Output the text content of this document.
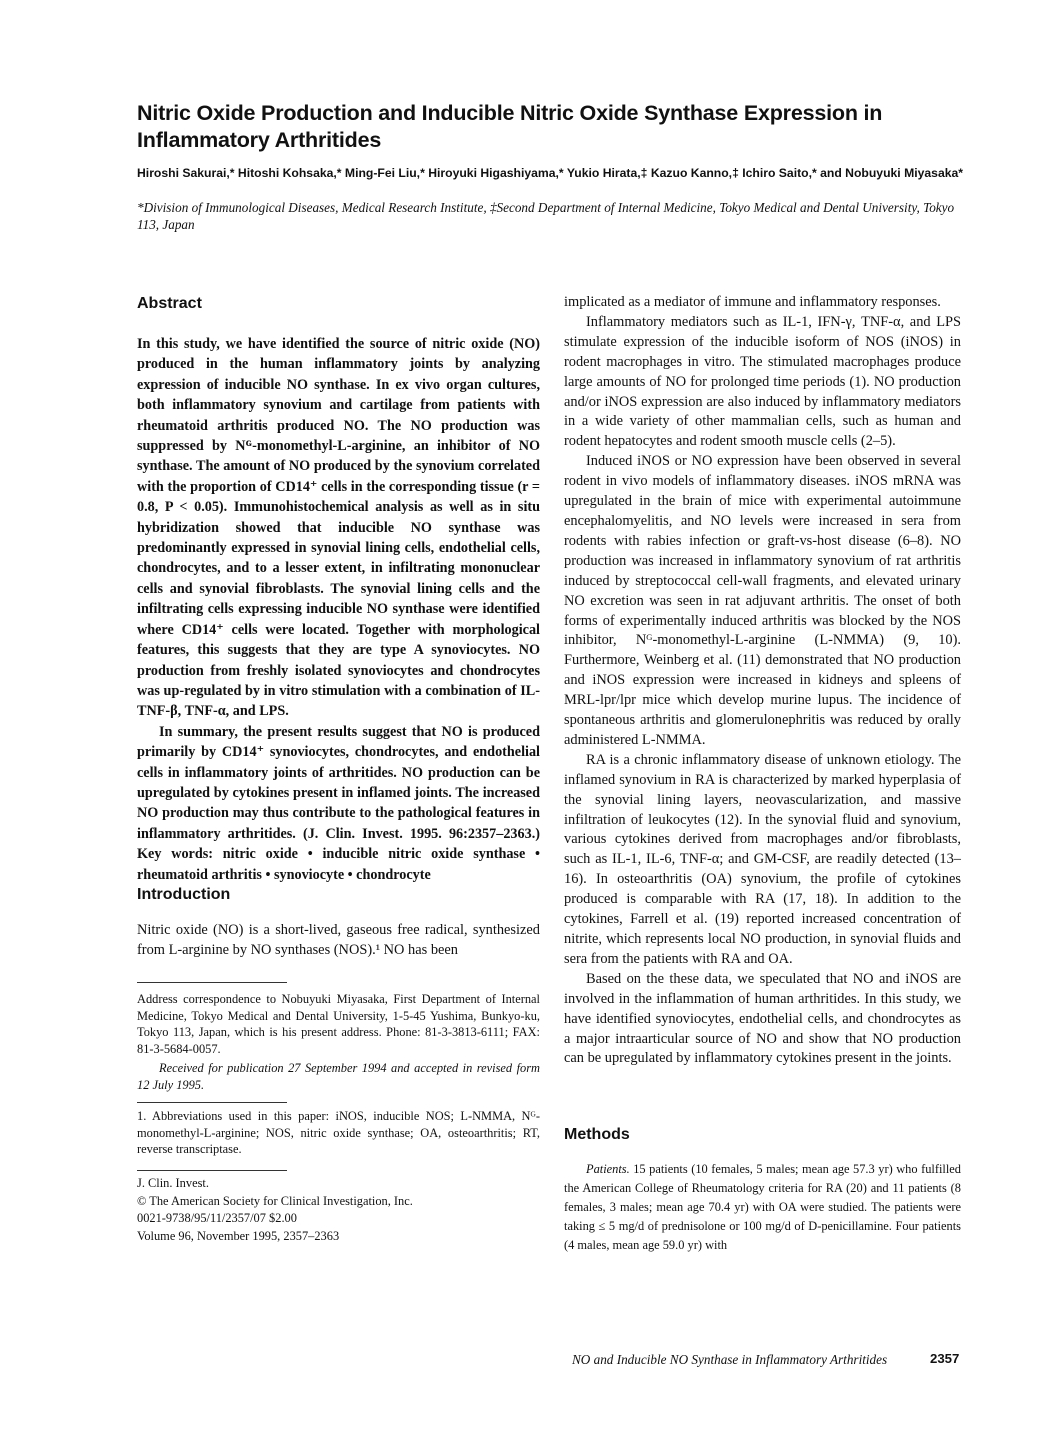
Nitric Oxide Production and Inducible Nitric Oxide Synthase Expression in Inflammatory Arthritides
Hiroshi Sakurai,* Hitoshi Kohsaka,* Ming-Fei Liu,* Hiroyuki Higashiyama,* Yukio Hirata,‡ Kazuo Kanno,‡ Ichiro Saito,* and Nobuyuki Miyasaka*
*Division of Immunological Diseases, Medical Research Institute, ‡Second Department of Internal Medicine, Tokyo Medical and Dental University, Tokyo 113, Japan
Abstract

In this study, we have identified the source of nitric oxide (NO) produced in the human inflammatory joints by analyzing expression of inducible NO synthase. In ex vivo organ cultures, both inflammatory synovium and cartilage from patients with rheumatoid arthritis produced NO. The NO production was suppressed by Nᴳ-monomethyl-L-arginine, an inhibitor of NO synthase. The amount of NO produced by the synovium correlated with the proportion of CD14⁺ cells in the corresponding tissue (r = 0.8, P < 0.05). Immunohistochemical analysis as well as in situ hybridization showed that inducible NO synthase was predominantly expressed in synovial lining cells, endothelial cells, chondrocytes, and to a lesser extent, in infiltrating mononuclear cells and synovial fibroblasts. The synovial lining cells and the infiltrating cells expressing inducible NO synthase were identified where CD14⁺ cells were located. Together with morphological features, this suggests that they are type A synoviocytes. NO production from freshly isolated synoviocytes and chondrocytes was up-regulated by in vitro stimulation with a combination of IL-TNF-β, TNF-α, and LPS.

In summary, the present results suggest that NO is produced primarily by CD14⁺ synoviocytes, chondrocytes, and endothelial cells in inflammatory joints of arthritides. NO production can be upregulated by cytokines present in inflamed joints. The increased NO production may thus contribute to the pathological features in inflammatory arthritides. (J. Clin. Invest. 1995. 96:2357–2363.) Key words: nitric oxide • inducible nitric oxide synthase • rheumatoid arthritis • synoviocyte • chondrocyte

Introduction

Nitric oxide (NO) is a short-lived, gaseous free radical, synthesized from L-arginine by NO synthases (NOS).¹ NO has been

Address correspondence to Nobuyuki Miyasaka, First Department of Internal Medicine, Tokyo Medical and Dental University, 1-5-45 Yushima, Bunkyo-ku, Tokyo 113, Japan, which is his present address. Phone: 81-3-3813-6111; FAX: 81-3-5684-0057.

Received for publication 27 September 1994 and accepted in revised form 12 July 1995.

1. Abbreviations used in this paper: iNOS, inducible NOS; L-NMMA, Nᴳ-monomethyl-L-arginine; NOS, nitric oxide synthase; OA, osteoarthritis; RT, reverse transcriptase.

J. Clin. Invest.

© The American Society for Clinical Investigation, Inc.

0021-9738/95/11/2357/07 $2.00

Volume 96, November 1995, 2357–2363

implicated as a mediator of immune and inflammatory responses.

Inflammatory mediators such as IL-1, IFN-γ, TNF-α, and LPS stimulate expression of the inducible isoform of NOS (iNOS) in rodent macrophages in vitro. The stimulated macrophages produce large amounts of NO for prolonged time periods (1). NO production and/or iNOS expression are also induced by inflammatory mediators in a wide variety of other mammalian cells, such as human and rodent hepatocytes and rodent smooth muscle cells (2–5).

Induced iNOS or NO expression have been observed in several rodent in vivo models of inflammatory diseases. iNOS mRNA was upregulated in the brain of mice with experimental autoimmune encephalomyelitis, and NO levels were increased in sera from rodents with rabies infection or graft-vs-host disease (6–8). NO production was increased in inflammatory synovium of rat arthritis induced by streptococcal cell-wall fragments, and elevated urinary NO excretion was seen in rat adjuvant arthritis. The onset of both forms of experimentally induced arthritis was blocked by the NOS inhibitor, Nᴳ-monomethyl-L-arginine (L-NMMA) (9, 10). Furthermore, Weinberg et al. (11) demonstrated that NO production and iNOS expression were increased in kidneys and spleens of MRL-lpr/lpr mice which develop murine lupus. The incidence of spontaneous arthritis and glomerulonephritis was reduced by orally administered L-NMMA.

RA is a chronic inflammatory disease of unknown etiology. The inflamed synovium in RA is characterized by marked hyperplasia of the synovial lining layers, neovascularization, and massive infiltration of leukocytes (12). In the synovial fluid and synovium, various cytokines derived from macrophages and/or fibroblasts, such as IL-1, IL-6, TNF-α; and GM-CSF, are readily detected (13–16). In osteoarthritis (OA) synovium, the profile of cytokines produced is comparable with RA (17, 18). In addition to the cytokines, Farrell et al. (19) reported increased concentration of nitrite, which represents local NO production, in synovial fluids and sera from the patients with RA and OA.

Based on the these data, we speculated that NO and iNOS are involved in the inflammation of human arthritides. In this study, we have identified synoviocytes, endothelial cells, and chondrocytes as a major intraarticular source of NO and show that NO production can be upregulated by inflammatory cytokines present in the joints.

Methods

Patients. 15 patients (10 females, 5 males; mean age 57.3 yr) who fulfilled the American College of Rheumatology criteria for RA (20) and 11 patients (8 females, 3 males; mean age 70.4 yr) with OA were studied. The patients were taking ≤ 5 mg/d of prednisolone or 100 mg/d of D-penicillamine. Four patients (4 males, mean age 59.0 yr) with

NO and Inducible NO Synthase in Inflammatory Arthritides	2357
